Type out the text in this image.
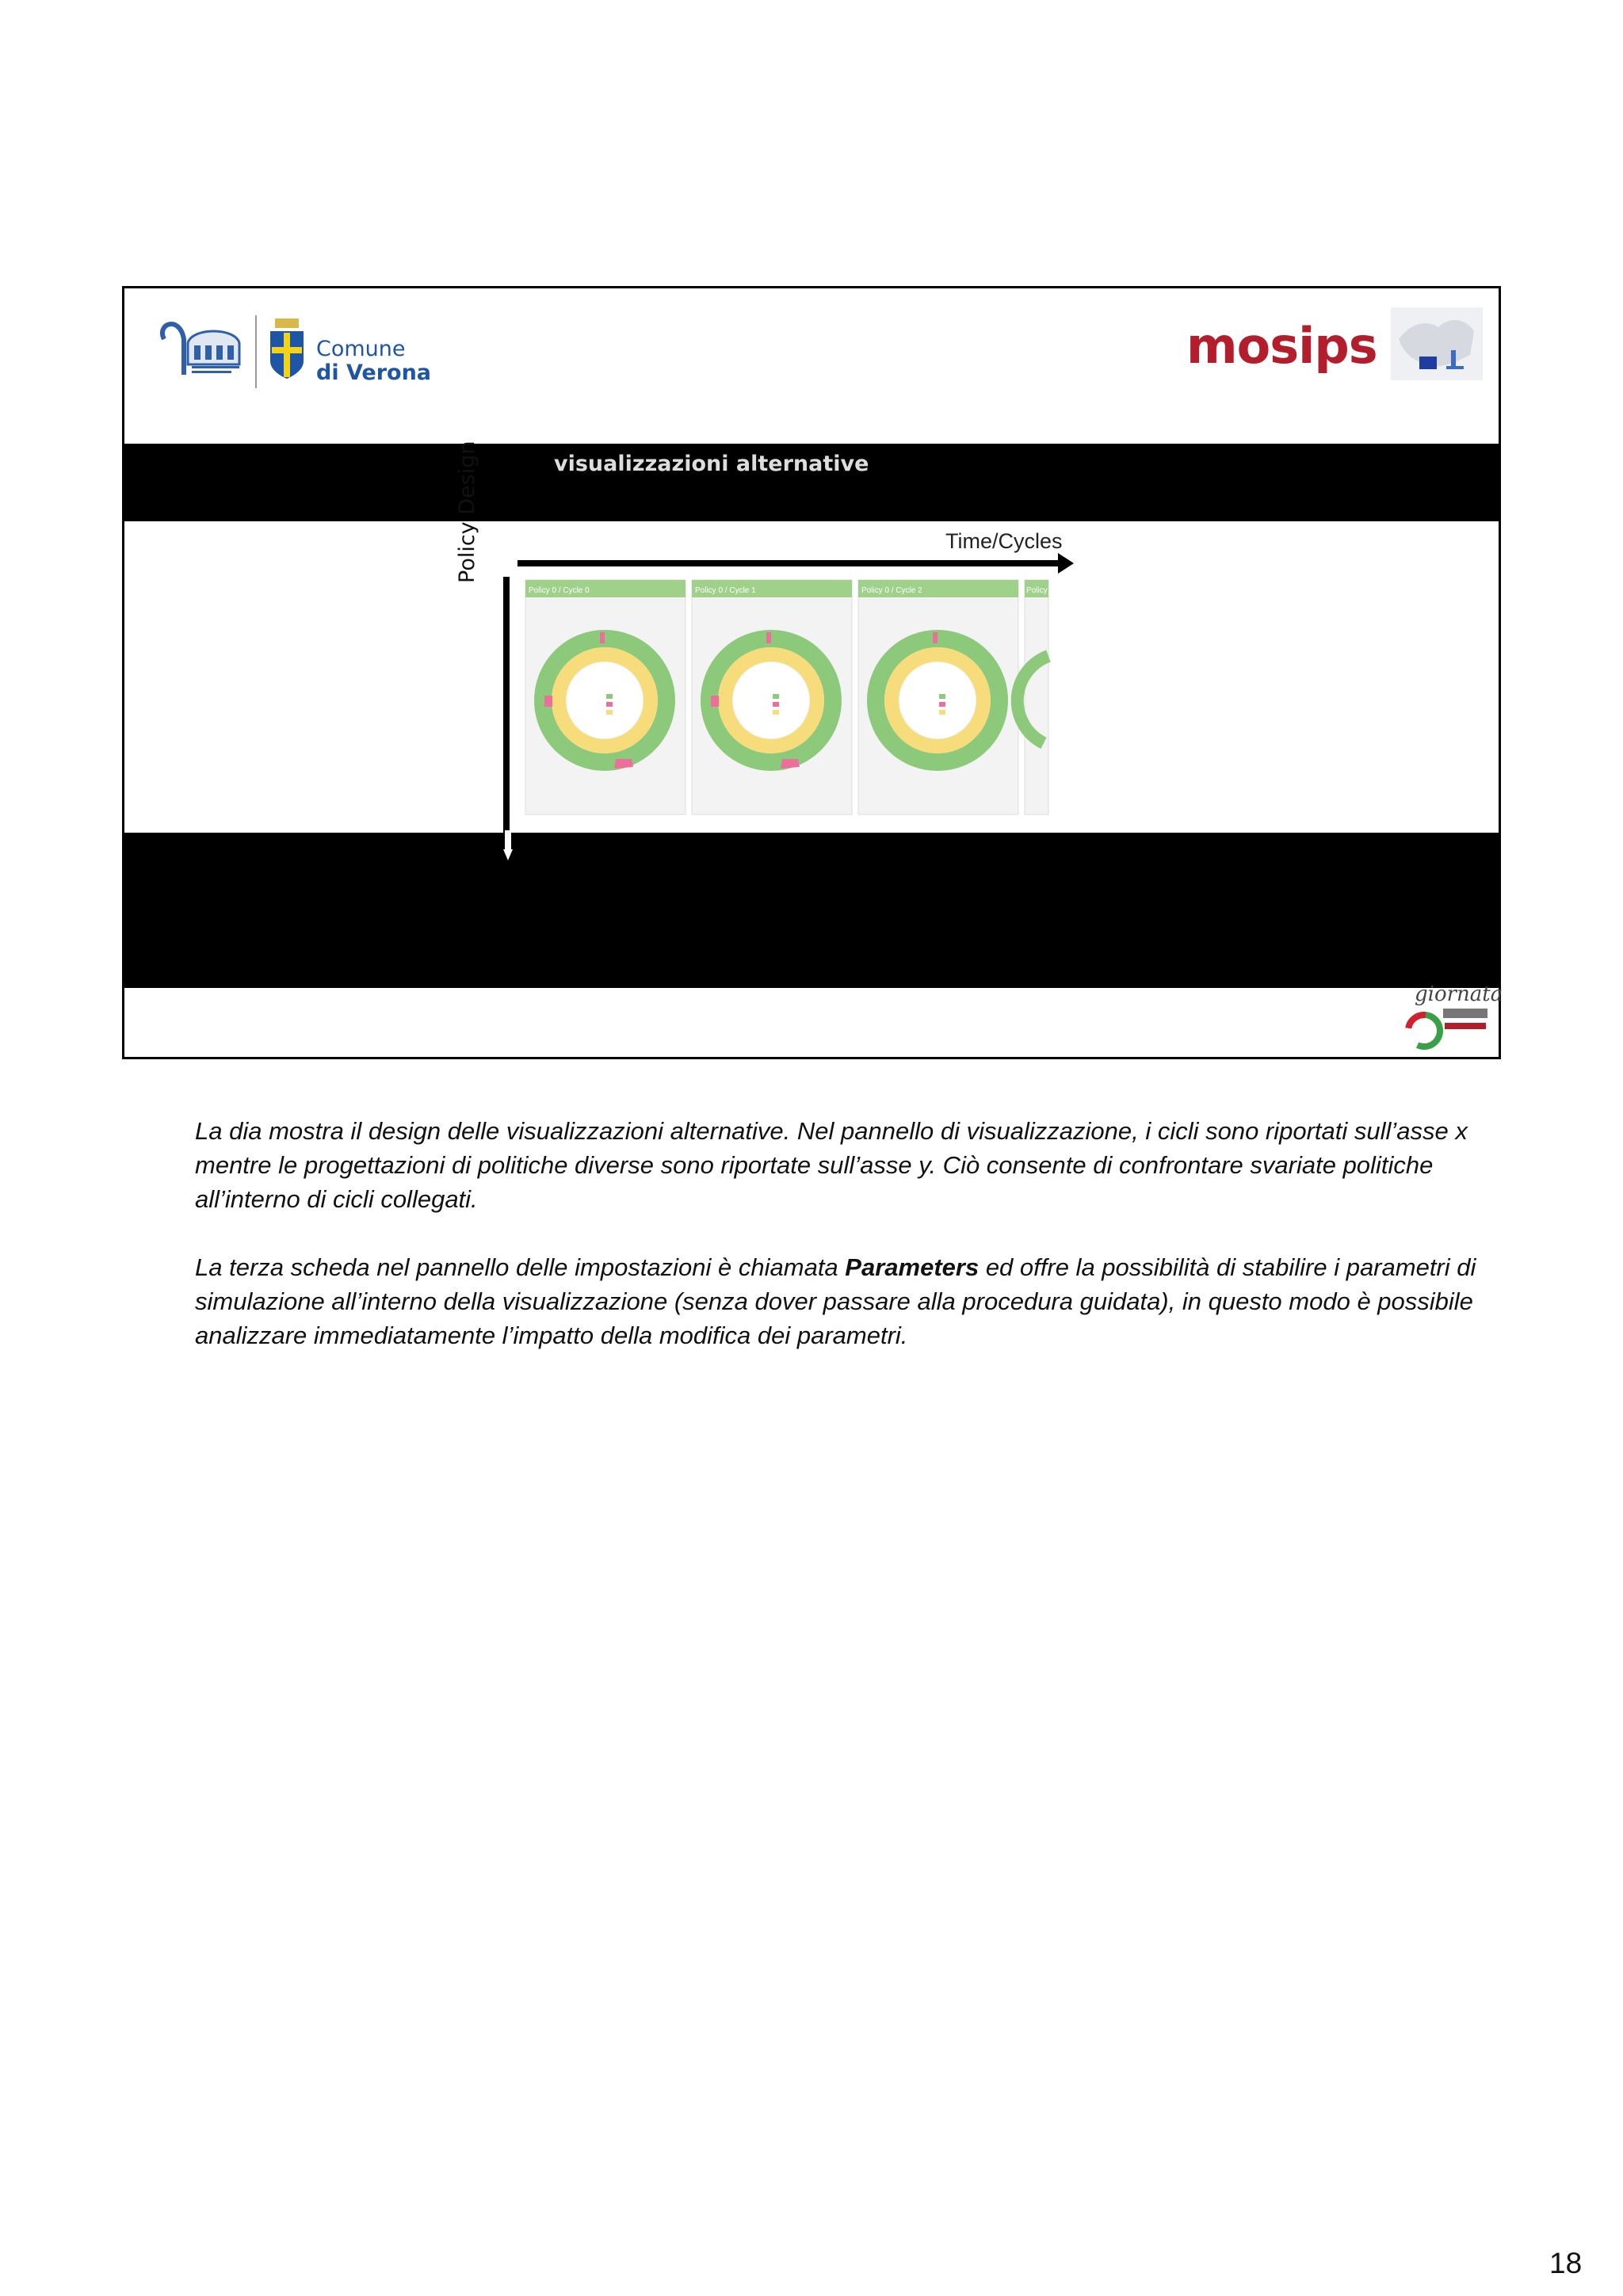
Comune
di Verona	mosips
visualizzazioni alternative
Policy 0 / Cycle 0	Policy 0 / Cycle 1	Policy 0 / Cycle 2	Policy
Time/Cycles
Policy Design
giornata

La dia mostra il design delle visualizzazioni alternative. Nel pannello di visualizzazione, i cicli sono riportati sull’asse x mentre le progettazioni di politiche diverse sono riportate sull’asse y. Ciò consente di confrontare svariate politiche all’interno di cicli collegati.

La terza scheda nel pannello delle impostazioni è chiamata Parameters ed offre la possibilità di stabilire i parametri di simulazione all’interno della visualizzazione (senza dover passare alla procedura guidata), in questo modo è possibile analizzare immediatamente l’impatto della modifica dei parametri.

18
